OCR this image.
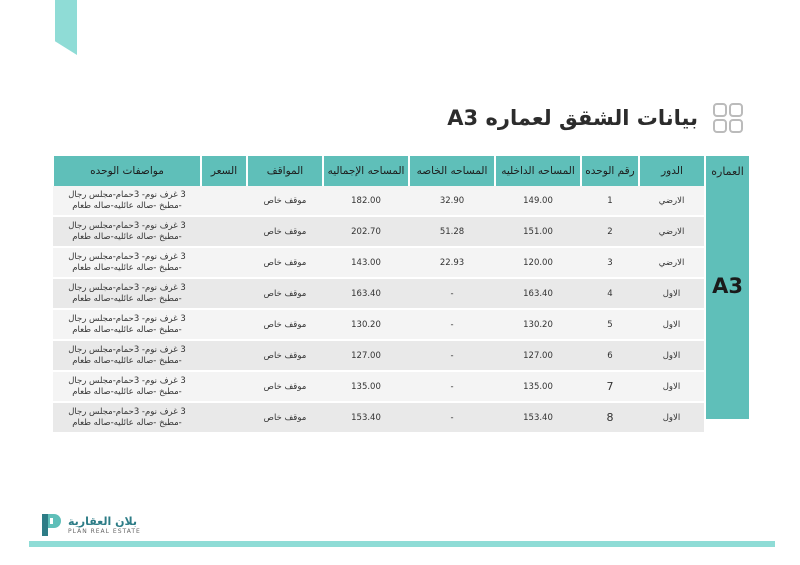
بيانات الشقق لعماره A3
العماره
A3
الدور	رقم الوحده	المساحه الداخليه	المساحه الخاصه	المساحه الإجماليه	المواقف	السعر	مواصفات الوحده
الارضي	1	149.00	32.90	182.00	موقف خاص		3 غرف نوم- 3حمام-مجلس رجال
-مطبخ -صاله عائليه-صاله طعام

الارضي	2	151.00	51.28	202.70	موقف خاص		3 غرف نوم- 3حمام-مجلس رجال
-مطبخ -صاله عائليه-صاله طعام

الارضي	3	120.00	22.93	143.00	موقف خاص		3 غرف نوم- 3حمام-مجلس رجال
-مطبخ -صاله عائليه-صاله طعام

الاول	4	163.40	-	163.40	موقف خاص		3 غرف نوم- 3حمام-مجلس رجال
-مطبخ -صاله عائليه-صاله طعام

الاول	5	130.20	-	130.20	موقف خاص		3 غرف نوم- 3حمام-مجلس رجال
-مطبخ -صاله عائليه-صاله طعام

الاول	6	127.00	-	127.00	موقف خاص		3 غرف نوم- 3حمام-مجلس رجال
-مطبخ -صاله عائليه-صاله طعام

الاول	7	135.00	-	135.00	موقف خاص		3 غرف نوم- 3حمام-مجلس رجال
-مطبخ -صاله عائليه-صاله طعام

الاول	8	153.40	-	153.40	موقف خاص		3 غرف نوم- 3حمام-مجلس رجال
-مطبخ -صاله عائليه-صاله طعام
بلان العقارية
PLAN REAL ESTATE
